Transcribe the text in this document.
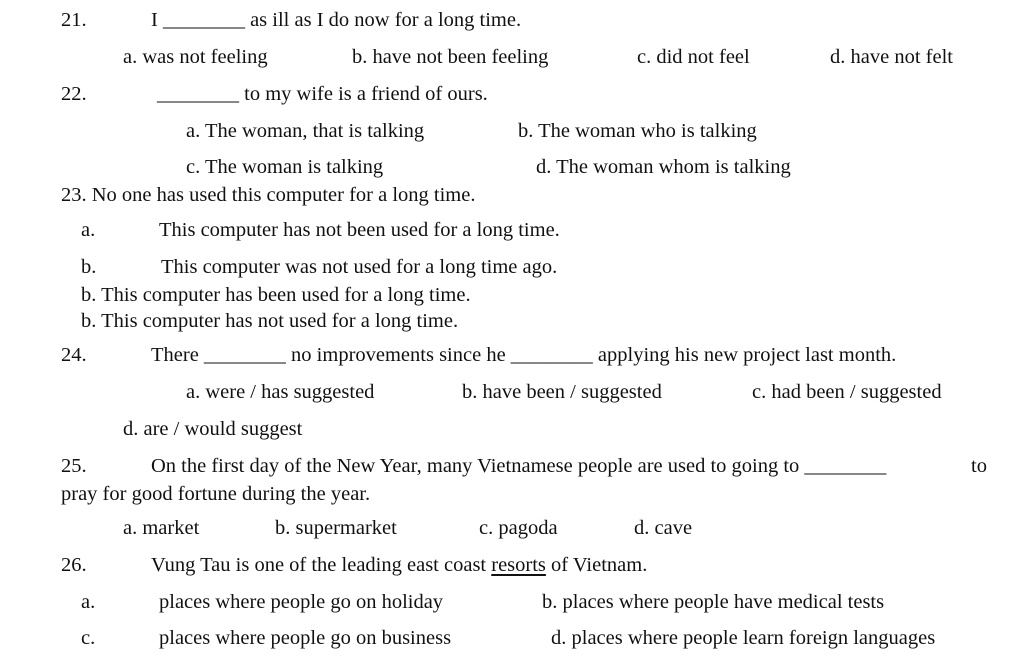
21.	I ________ as ill as I do now for a long time.
a. was not feeling	b. have not been feeling	c. did not feel	d. have not felt
22.	________ to my wife is a friend of ours.
a. The woman, that is talking	b. The woman who is talking
c. The woman is talking	d. The woman whom is talking
23. No one has used this computer for a long time.
a.	This computer has not been used for a long time.
b.	This computer was not used for a long time ago.
b. This computer has been used for a long time.
b. This computer has not used for a long time.
24.	There ________ no improvements since he ________ applying his new project last month.
a. were / has suggested	b. have been / suggested	c. had been / suggested
d. are / would suggest
25.	On the first day of the New Year, many Vietnamese people are used to going to ________	to
pray for good fortune during the year.
a. market	b. supermarket	c. pagoda	d. cave
26.	Vung Tau is one of the leading east coast resorts of Vietnam.
a.	places where people go on holiday	b. places where people have medical tests
c.	places where people go on business	d. places where people learn foreign languages
